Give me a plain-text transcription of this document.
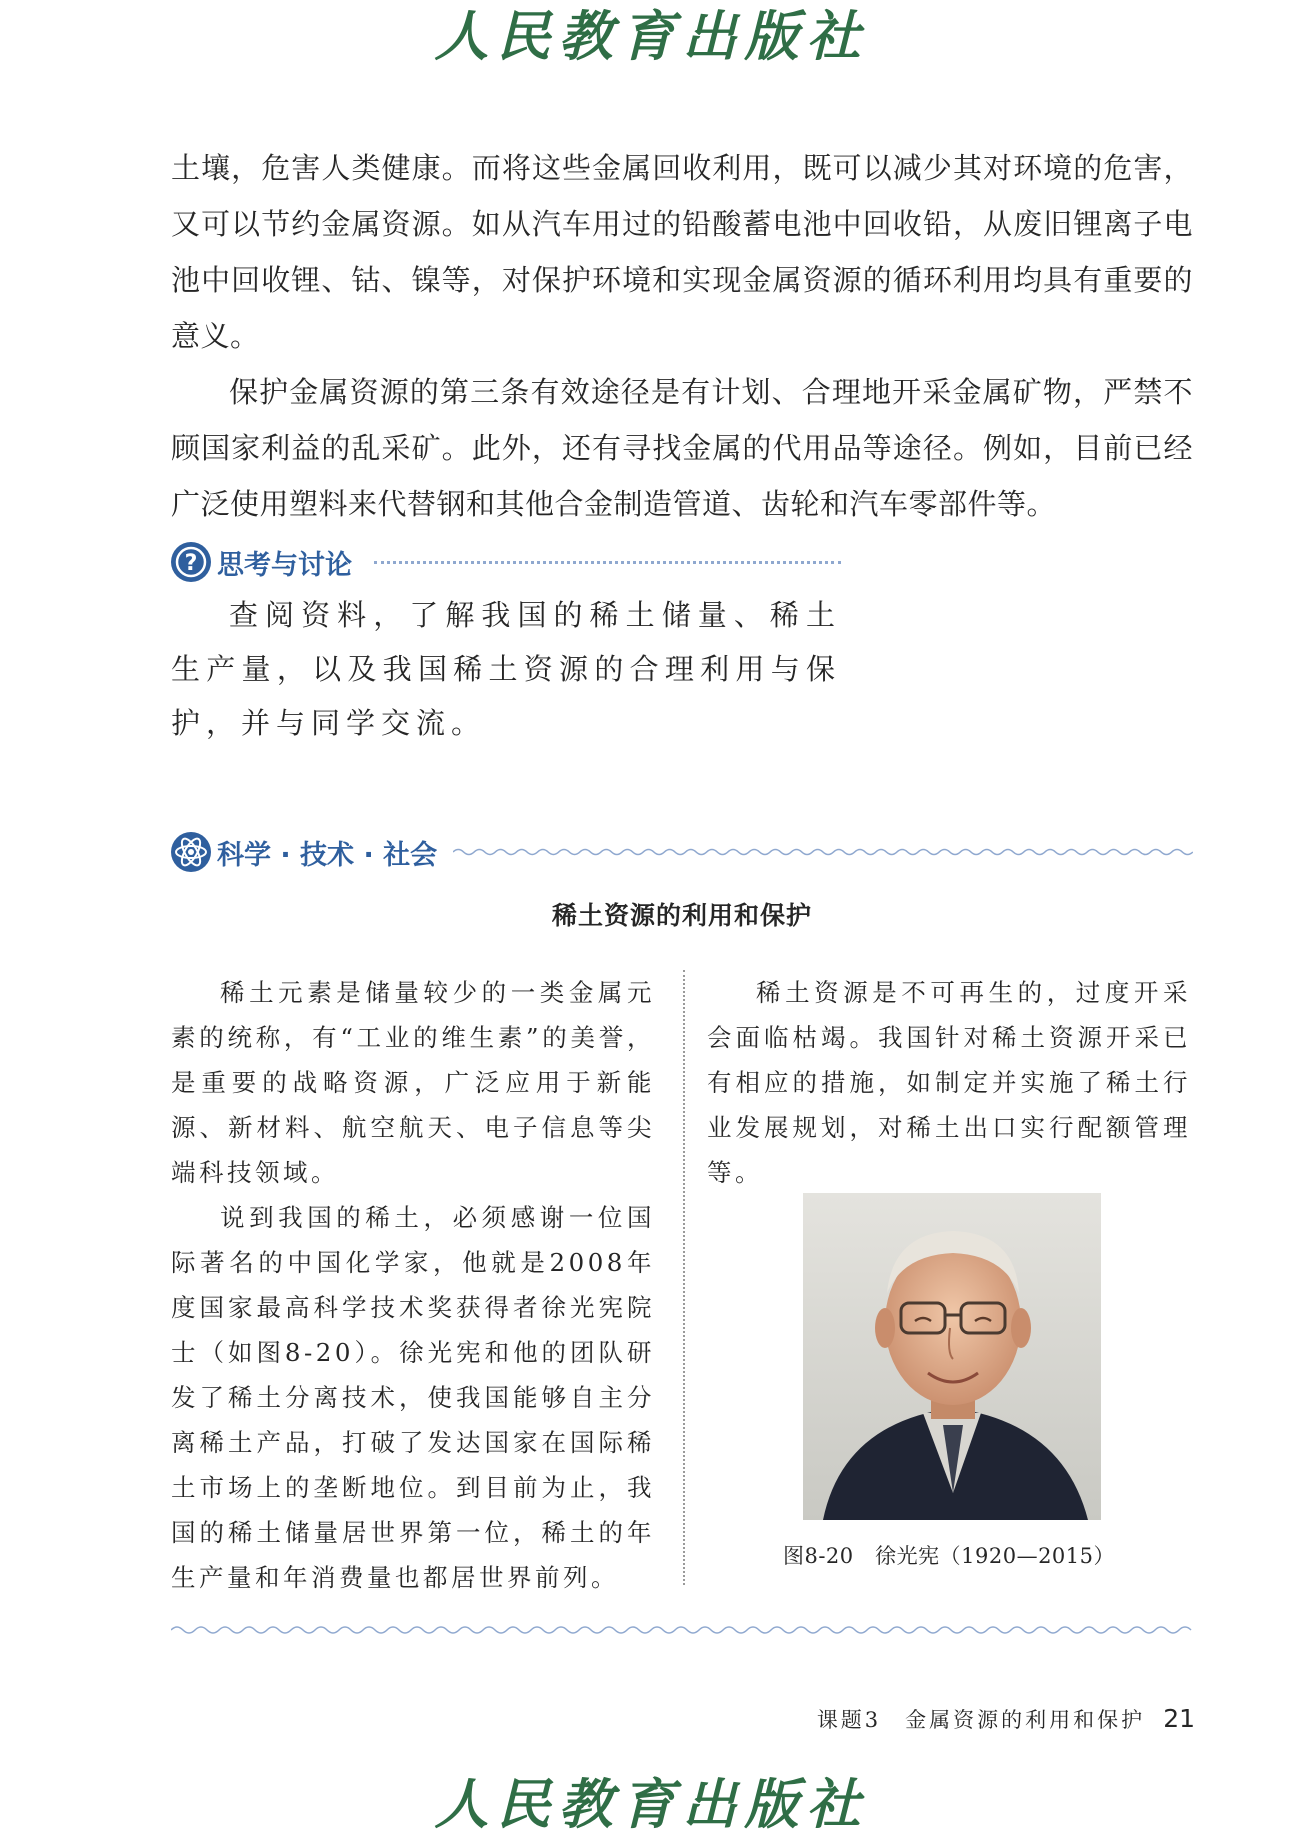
人民教育出版社

土壤，危害人类健康。而将这些金属回收利用，既可以减少其对环境的危害，又可以节约金属资源。如从汽车用过的铅酸蓄电池中回收铅，从废旧锂离子电池中回收锂、钴、镍等，对保护环境和实现金属资源的循环利用均具有重要的意义。

保护金属资源的第三条有效途径是有计划、合理地开采金属矿物，严禁不顾国家利益的乱采矿。此外，还有寻找金属的代用品等途径。例如，目前已经广泛使用塑料来代替钢和其他合金制造管道、齿轮和汽车零部件等。

? 思考与讨论

查阅资料，了解我国的稀土储量、稀土生产量，以及我国稀土资源的合理利用与保护，并与同学交流。

科学 · 技术 · 社会
稀土资源的利用和保护

稀土元素是储量较少的一类金属元素的统称，有“工业的维生素”的美誉，是重要的战略资源，广泛应用于新能源、新材料、航空航天、电子信息等尖端科技领域。

说到我国的稀土，必须感谢一位国际著名的中国化学家，他就是2008年度国家最高科学技术奖获得者徐光宪院士（如图8-20）。徐光宪和他的团队研发了稀土分离技术，使我国能够自主分离稀土产品，打破了发达国家在国际稀土市场上的垄断地位。到目前为止，我国的稀土储量居世界第一位，稀土的年生产量和年消费量也都居世界前列。

稀土资源是不可再生的，过度开采会面临枯竭。我国针对稀土资源开采已有相应的措施，如制定并实施了稀土行业发展规划，对稀土出口实行配额管理等。

图8-20　徐光宪（1920—2015）

课题3　金属资源的利用和保护 21
人民教育出版社
